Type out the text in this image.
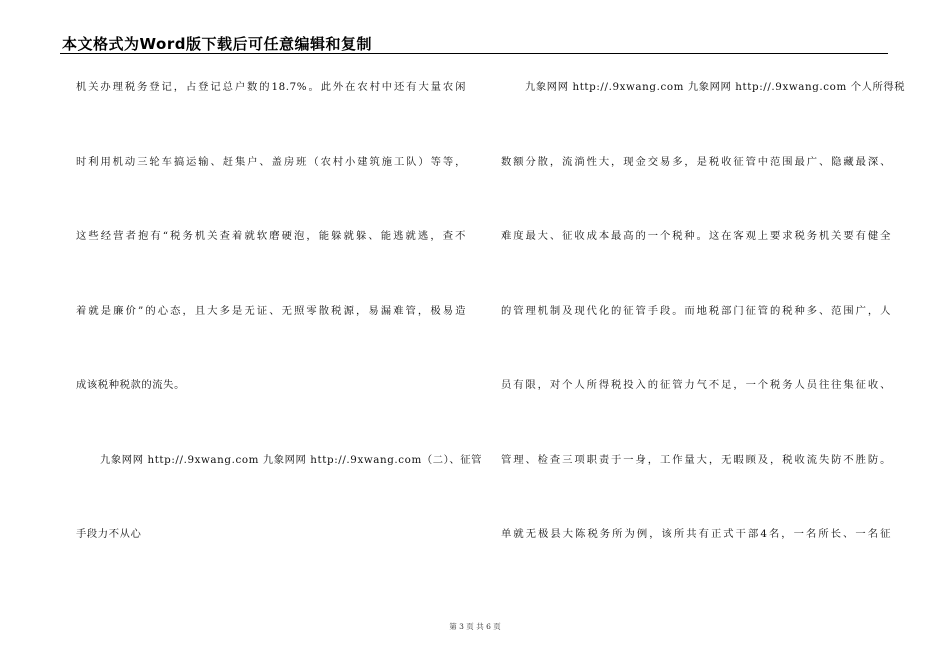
本文格式为Word版下载后可任意编辑和复制
机关办理税务登记，占登记总户数的18.7%。此外在农村中还有大量农闲
时利用机动三轮车搞运输、赶集户、盖房班（农村小建筑施工队）等等，
这些经营者抱有“税务机关查着就软磨硬泡，能躲就躲、能逃就逃，查不
着就是廉价”的心态，且大多是无证、无照零散税源，易漏难管，极易造
成该税种税款的流失。
九象网网 http://.9xwang.com 九象网网 http://.9xwang.com（二）、征管
手段力不从心
九象网网 http://.9xwang.com 九象网网 http://.9xwang.com 个人所得税
数额分散，流淌性大，现金交易多，是税收征管中范围最广、隐藏最深、
难度最大、征收成本最高的一个税种。这在客观上要求税务机关要有健全
的管理机制及现代化的征管手段。而地税部门征管的税种多、范围广，人
员有限，对个人所得税投入的征管力气不足，一个税务人员往往集征收、
管理、检查三项职责于一身，工作量大，无暇顾及，税收流失防不胜防。
单就无极县大陈税务所为例，该所共有正式干部4名，一名所长、一名征
第 3 页 共 6 页
